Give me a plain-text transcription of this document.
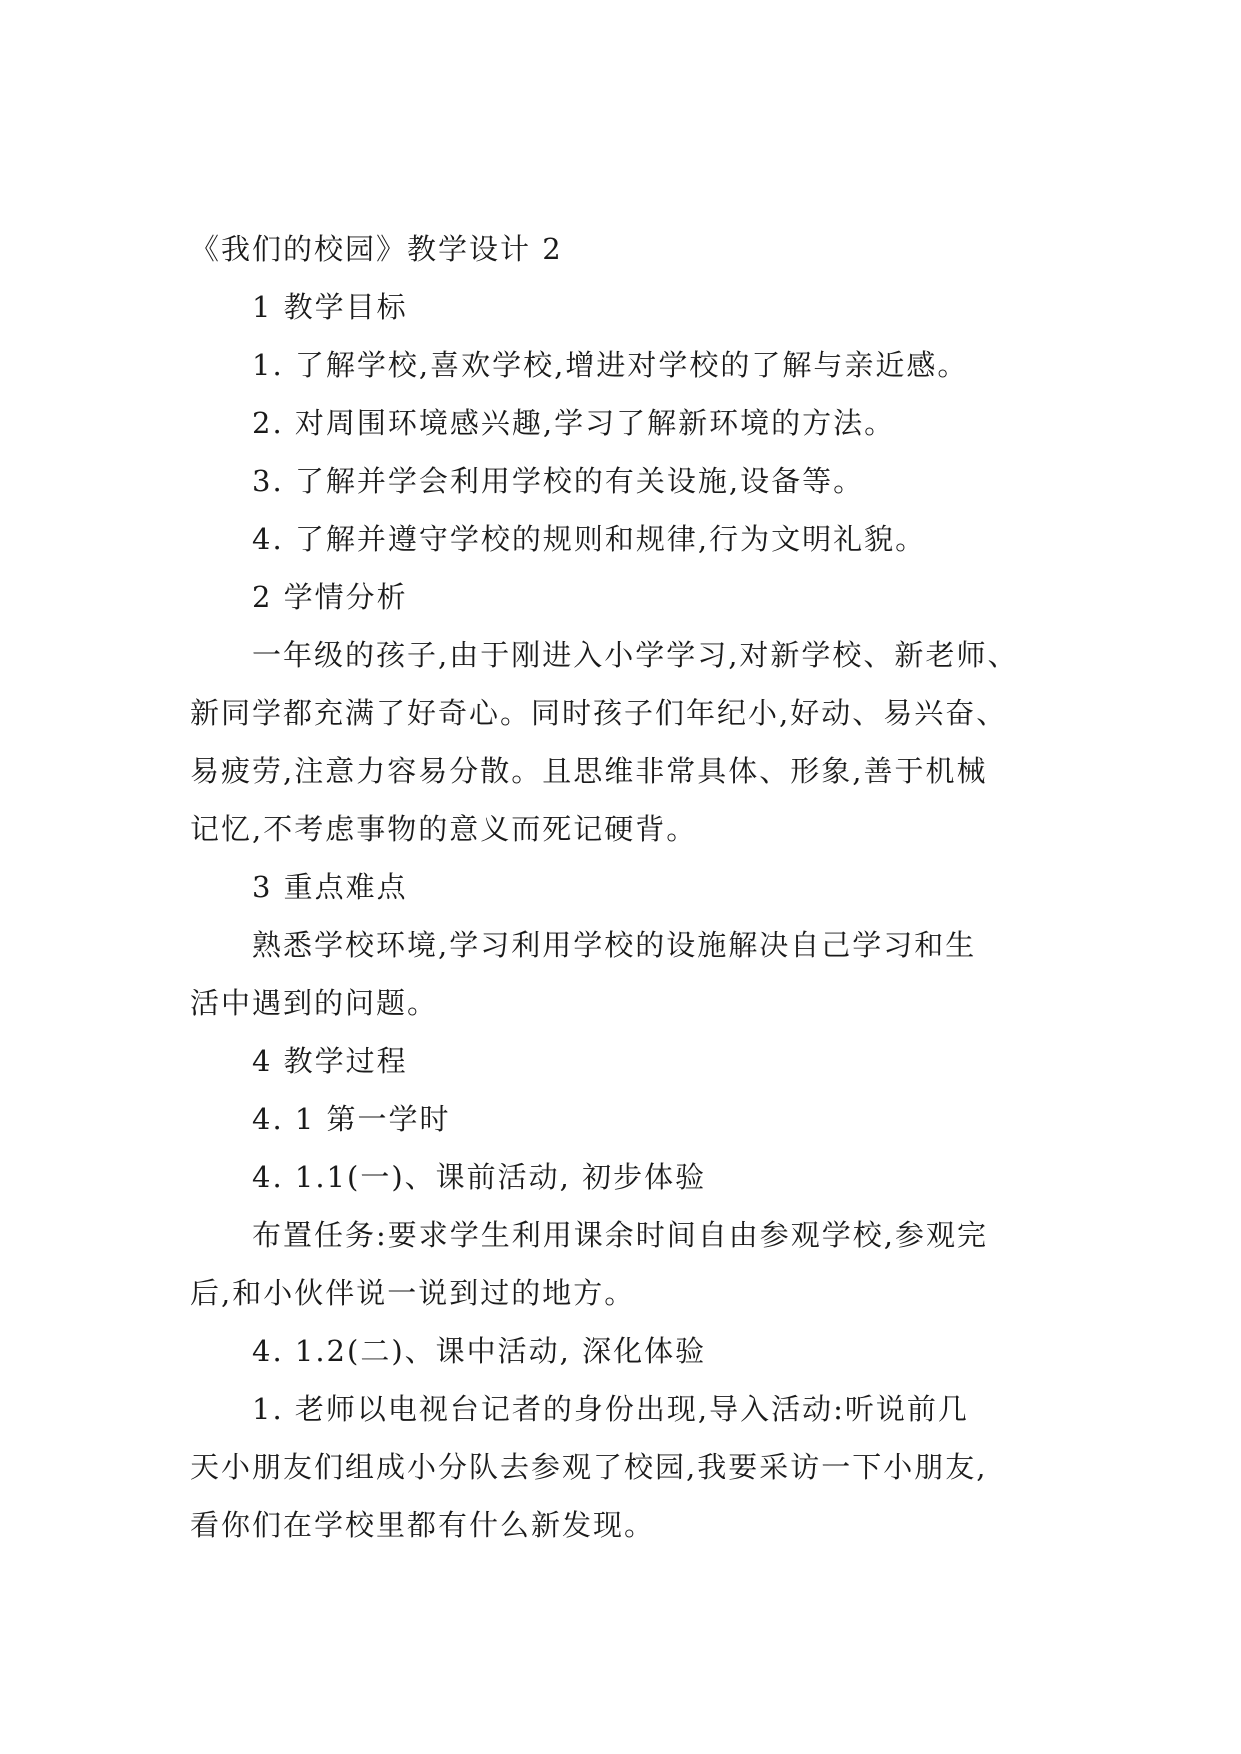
《我们的校园》教学设计 2
1 教学目标
1. 了解学校,喜欢学校,增进对学校的了解与亲近感。
2. 对周围环境感兴趣,学习了解新环境的方法。
3. 了解并学会利用学校的有关设施,设备等。
4. 了解并遵守学校的规则和规律,行为文明礼貌。
2 学情分析
一年级的孩子,由于刚进入小学学习,对新学校、新老师、
新同学都充满了好奇心。同时孩子们年纪小,好动、易兴奋、
易疲劳,注意力容易分散。且思维非常具体、形象,善于机械
记忆,不考虑事物的意义而死记硬背。
3 重点难点
熟悉学校环境,学习利用学校的设施解决自己学习和生
活中遇到的问题。
4 教学过程
4. 1 第一学时
4. 1.1(一)、课前活动, 初步体验
布置任务:要求学生利用课余时间自由参观学校,参观完
后,和小伙伴说一说到过的地方。
4. 1.2(二)、课中活动, 深化体验
1. 老师以电视台记者的身份出现,导入活动:听说前几
天小朋友们组成小分队去参观了校园,我要采访一下小朋友,
看你们在学校里都有什么新发现。
